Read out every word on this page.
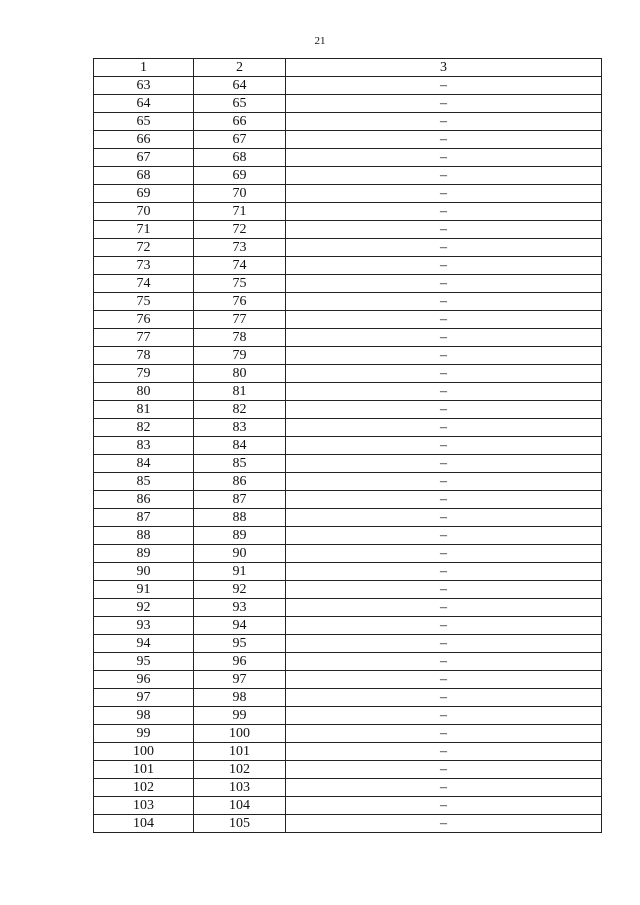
21
1	2	3
63	64	–
64	65	–
65	66	–
66	67	–
67	68	–
68	69	–
69	70	–
70	71	–
71	72	–
72	73	–
73	74	–
74	75	–
75	76	–
76	77	–
77	78	–
78	79	–
79	80	–
80	81	–
81	82	–
82	83	–
83	84	–
84	85	–
85	86	–
86	87	–
87	88	–
88	89	–
89	90	–
90	91	–
91	92	–
92	93	–
93	94	–
94	95	–
95	96	–
96	97	–
97	98	–
98	99	–
99	100	–
100	101	–
101	102	–
102	103	–
103	104	–
104	105	–
